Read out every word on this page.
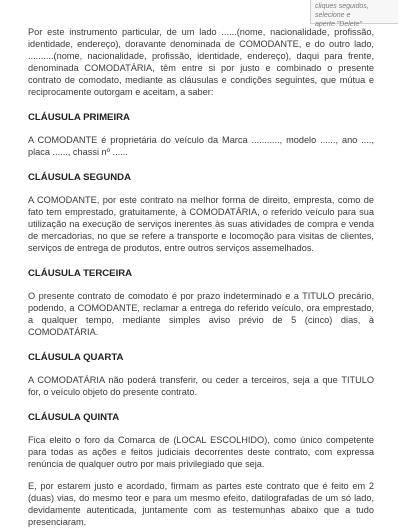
cliques seguidos, selecione e
aperte "Delete"

Por este instrumento particular, de um lado ......(nome, nacionalidade, profissão, identidade, endereço), doravante denominada de COMODANTE, e do outro lado, ..........(nome, nacionalidade, profissão, identidade, endereço), daqui para frente, denominada COMODATÁRIA, têm entre si por justo e combinado o presente contrato de comodato, mediante as cláusulas e condições seguintes, que mútua e reciprocamente outorgam e aceitam, a saber:

CLÁUSULA PRIMEIRA

A COMODANTE é proprietária do veículo da Marca ..........., modelo ......, ano ...., placa ......, chassi nº ......

CLÁUSULA SEGUNDA

A COMODANTE, por este contrato na melhor forma de direito, empresta, como de fato tem emprestado, gratuitamente, à COMODATÁRIA, o referido veículo para sua utilização na execução de serviços inerentes às suas atividades de compra e venda de mercadorias, no que se refere a transporte e locomoção para visitas de clientes, serviços de entrega de produtos, entre outros serviços assemelhados.

CLÁUSULA TERCEIRA

O presente contrato de comodato é por prazo indeterminado e a TITULO precário, podendo, a COMODANTE, reclamar a entrega do referido veículo, ora emprestado, a qualquer tempo, mediante simples aviso prévio de 5 (cinco) dias, à COMODATÁRIA.

CLÁUSULA QUARTA

A COMODATÁRIA não poderá transferir, ou ceder a terceiros, seja a que TITULO for, o veículo objeto do presente contrato.

CLÁUSULA QUINTA

Fica eleito o foro da Comarca de (LOCAL ESCOLHIDO), como único competente para todas as ações e feitos judiciais decorrentes deste contrato, com expressa renúncia de qualquer outro por mais privilegiado que seja.

E, por estarem justo e acordado, firmam as partes este contrato que é feito em 2 (duas) vias, do mesmo teor e para um mesmo efeito, datilografadas de um só lado, devidamente autenticada, juntamente com as testemunhas abaixo que a tudo presenciaram.
